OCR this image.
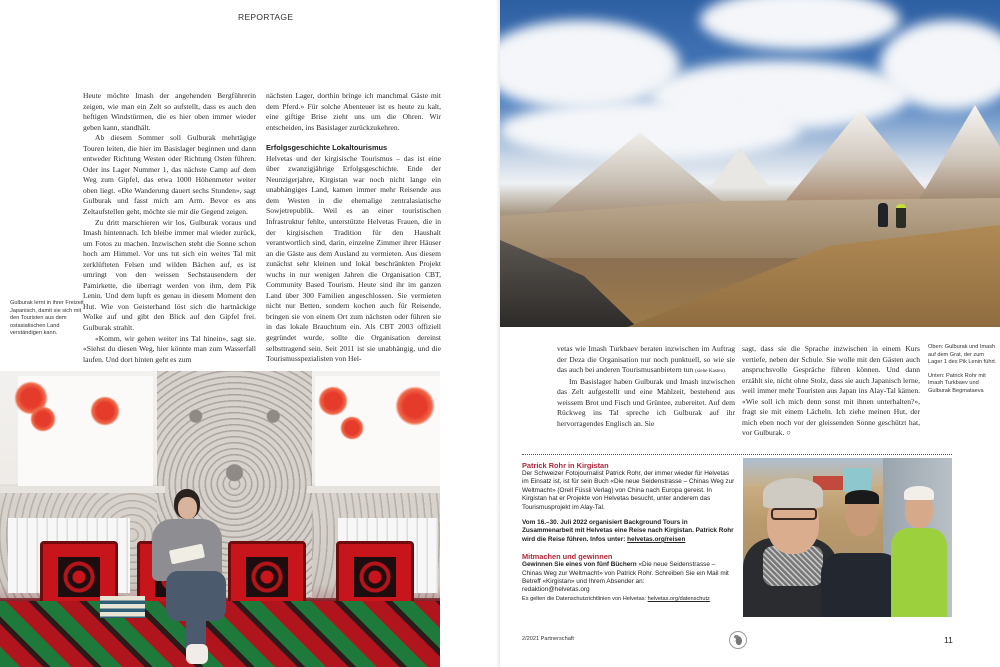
REPORTAGE

Heute möchte Imash der angehenden Bergführerin zeigen, wie man ein Zelt so aufstellt, dass es auch den heftigen Windstürmen, die es hier oben immer wieder geben kann, standhält.

Ab diesem Sommer soll Gulburak mehrtägige Touren leiten, die hier im Basislager beginnen und dann entweder Richtung Westen oder Richtung Osten führen. Oder ins Lager Nummer 1, das nächste Camp auf dem Weg zum Gipfel, das etwa 1000 Höhenmeter weiter oben liegt. «Die Wanderung dauert sechs Stunden», sagt Gulburak und fasst mich am Arm. Bevor es ans Zeltaufstellen geht, möchte sie mir die Gegend zeigen.

Zu dritt marschieren wir los, Gulburak voraus und Imash hintennach. Ich bleibe immer mal wieder zurück, um Fotos zu machen. Inzwischen steht die Sonne schon hoch am Himmel. Vor uns tut sich ein weites Tal mit zerklüfteten Felsen und wilden Bächen auf, es ist umringt von den weissen Sechstausendern der Pamirkette, die überragt werden von ihm, dem Pik Lenin. Und dem lupft es genau in diesem Moment den Hut. Wie von Geisterhand löst sich die hartnäckige Wolke auf und gibt den Blick auf den Gipfel frei. Gulburak strahlt.

«Komm, wir gehen weiter ins Tal hinein», sagt sie. «Siehst du diesen Weg, hier könnte man zum Wasserfall laufen. Und dort hinten geht es zum

nächsten Lager, dorthin bringe ich manchmal Gäste mit dem Pferd.» Für solche Abenteuer ist es heute zu kalt, eine giftige Brise zieht uns um die Ohren. Wir entscheiden, ins Basislager zurückzukehren.

Erfolgsgeschichte Lokaltourismus

Helvetas und der kirgisische Tourismus – das ist eine über zwanzigjährige Erfolgsgeschichte. Ende der Neunzigerjahre, Kirgistan war noch nicht lange ein unabhängiges Land, kamen immer mehr Reisende aus dem Westen in die ehemalige zentralasiatische Sowjetrepublik. Weil es an einer touristischen Infrastruktur fehlte, unterstützte Helvetas Frauen, die in der kirgisischen Tradition für den Haushalt verantwortlich sind, darin, einzelne Zimmer ihrer Häuser an die Gäste aus dem Ausland zu vermieten. Aus diesem zunächst sehr kleinen und lokal beschränkten Projekt wuchs in nur wenigen Jahren die Organisation CBT, Community Based Tourism. Heute sind ihr im ganzen Land über 300 Familien angeschlossen. Sie vermieten nicht nur Betten, sondern kochen auch für Reisende, bringen sie von einem Ort zum nächsten oder führen sie in das lokale Brauchtum ein. Als CBT 2003 offiziell gegründet wurde, sollte die Organisation dereinst selbsttragend sein. Seit 2011 ist sie unabhängig, und die Tourismusspezialisten von Hel-

Gulburak lernt in ihrer Freizeit Japanisch, damit sie sich mit den Touristen aus dem ostasiatischen Land verständigen kann.

vetas wie Imash Turkbaev beraten inzwischen im Auftrag der Deza die Organisation nur noch punktuell, so wie sie das auch bei anderen Tourismusanbietern tun (siehe Kasten).

Im Basislager haben Gulburak und Imash inzwischen das Zelt aufgestellt und eine Mahlzeit, bestehend aus weissem Brot und Fisch und Grüntee, zubereitet. Auf dem Rückweg ins Tal spreche ich Gulburak auf ihr hervorragendes Englisch an. Sie

sagt, dass sie die Sprache inzwischen in einem Kurs vertiefe, neben der Schule. Sie wolle mit den Gästen auch anspruchsvolle Gespräche führen können. Und dann erzählt sie, nicht ohne Stolz, dass sie auch Japanisch lerne, weil immer mehr Touristen aus Japan ins Alay-Tal kämen. «Wie soll ich mich denn sonst mit ihnen unterhalten?», fragt sie mit einem Lächeln. Ich ziehe meinen Hut, der mich eben noch vor der gleissenden Sonne geschützt hat, vor Gulburak. ○

Oben: Gulburak und Imash auf dem Grat, der zum Lager 1 des Pik Lenin führt.

Unten: Patrick Rohr mit Imash Turkbaev und Gulburak Begmataeva

Patrick Rohr in Kirgistan

Der Schweizer Fotojournalist Patrick Rohr, der immer wieder für Helvetas im Einsatz ist, ist für sein Buch «Die neue Seidenstrasse – Chinas Weg zur Weltmacht» (Orell Füssli Verlag) von China nach Europa gereist. In Kirgistan hat er Projekte von Helvetas besucht, unter anderem das Tourismusprojekt im Alay-Tal.

Vom 16.–30. Juli 2022 organisiert Background Tours in Zusammenarbeit mit Helvetas eine Reise nach Kirgistan. Patrick Rohr wird die Reise führen. Infos unter: helvetas.org/reisen

Mitmachen und gewinnen

Gewinnen Sie eines von fünf Büchern «Die neue Seidenstrasse – Chinas Weg zur Weltmacht» von Patrick Rohr. Schreiben Sie ein Mail mit Betreff «Kirgistan» und Ihrem Absender an:
redaktion@helvetas.org

Es gelten die Datenschutzrichtlinien von Helvetas: helvetas.org/datenschutz

2/2021 Partnerschaft	11
